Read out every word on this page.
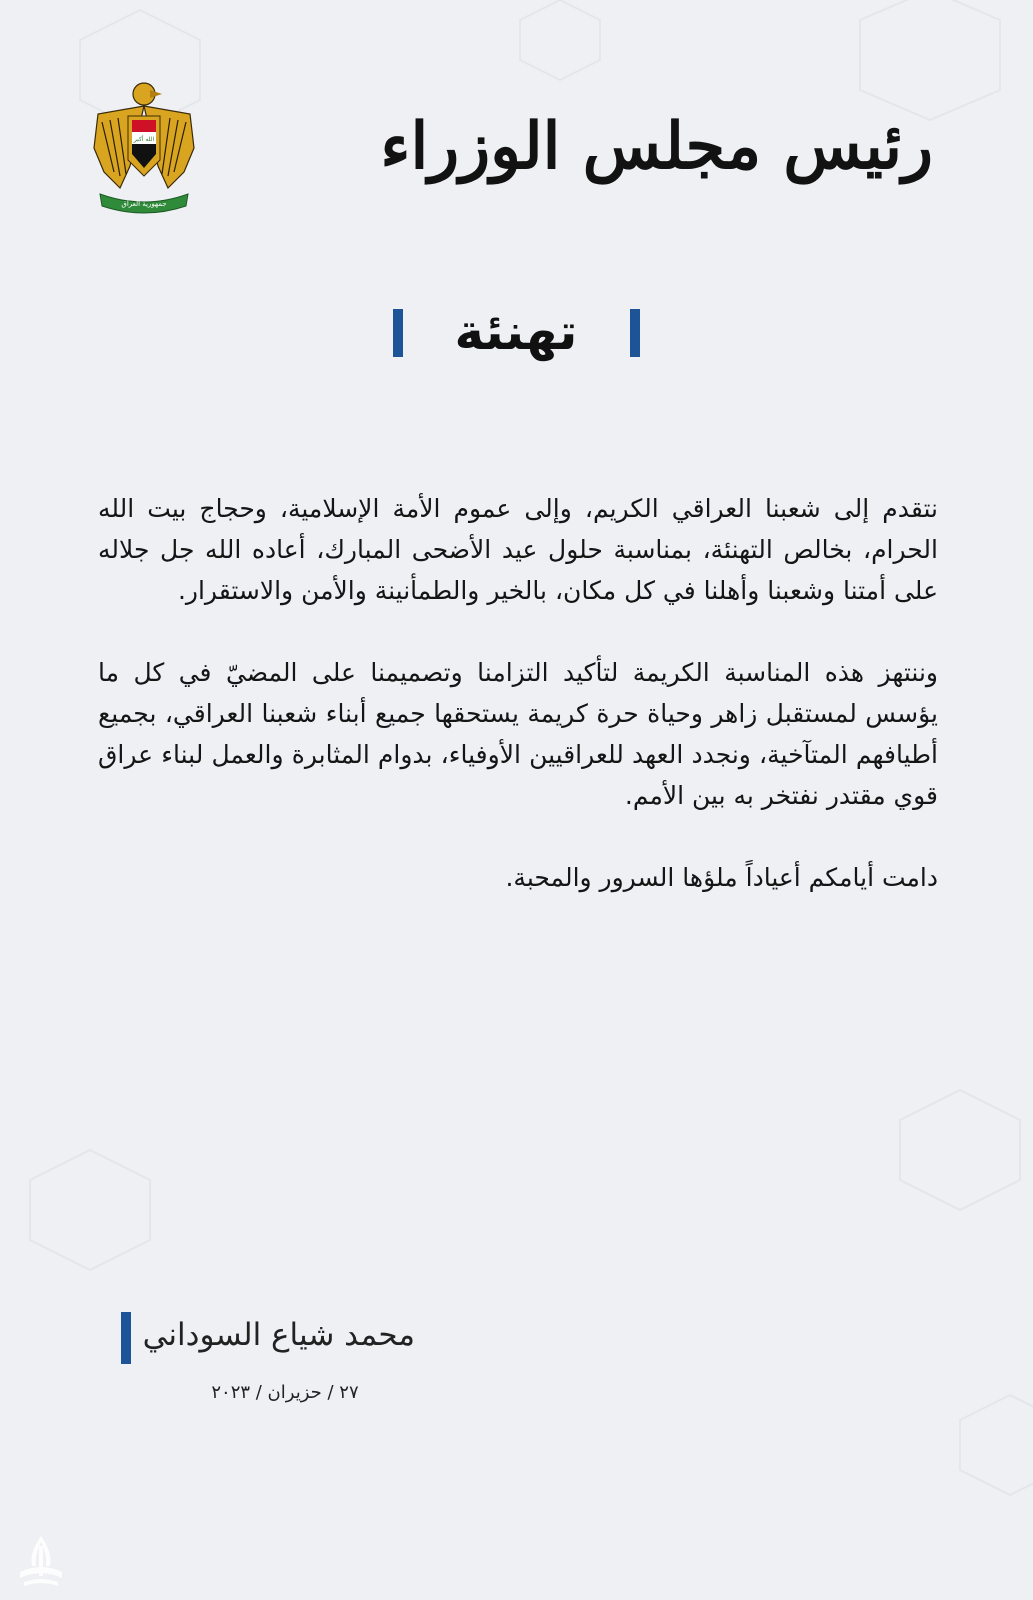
الله أكبر
جمهورية العراق
رئيس مجلس الوزراء
تهنئة

نتقدم إلى شعبنا العراقي الكريم، وإلى عموم الأمة الإسلامية، وحجاج بيت الله الحرام، بخالص التهنئة، بمناسبة حلول عيد الأضحى المبارك، أعاده الله جل جلاله على أمتنا وشعبنا وأهلنا في كل مكان، بالخير والطمأنينة والأمن والاستقرار.

وننتهز هذه المناسبة الكريمة لتأكيد التزامنا وتصميمنا على المضيّ في كل ما يؤسس لمستقبل زاهر وحياة حرة كريمة يستحقها جميع أبناء شعبنا العراقي، بجميع أطيافهم المتآخية، ونجدد العهد للعراقيين الأوفياء، بدوام المثابرة والعمل لبناء عراق قوي مقتدر نفتخر به بين الأمم.

دامت أيامكم أعياداً ملؤها السرور والمحبة.

محمد شياع السوداني
٢٧ / حزيران / ٢٠٢٣
